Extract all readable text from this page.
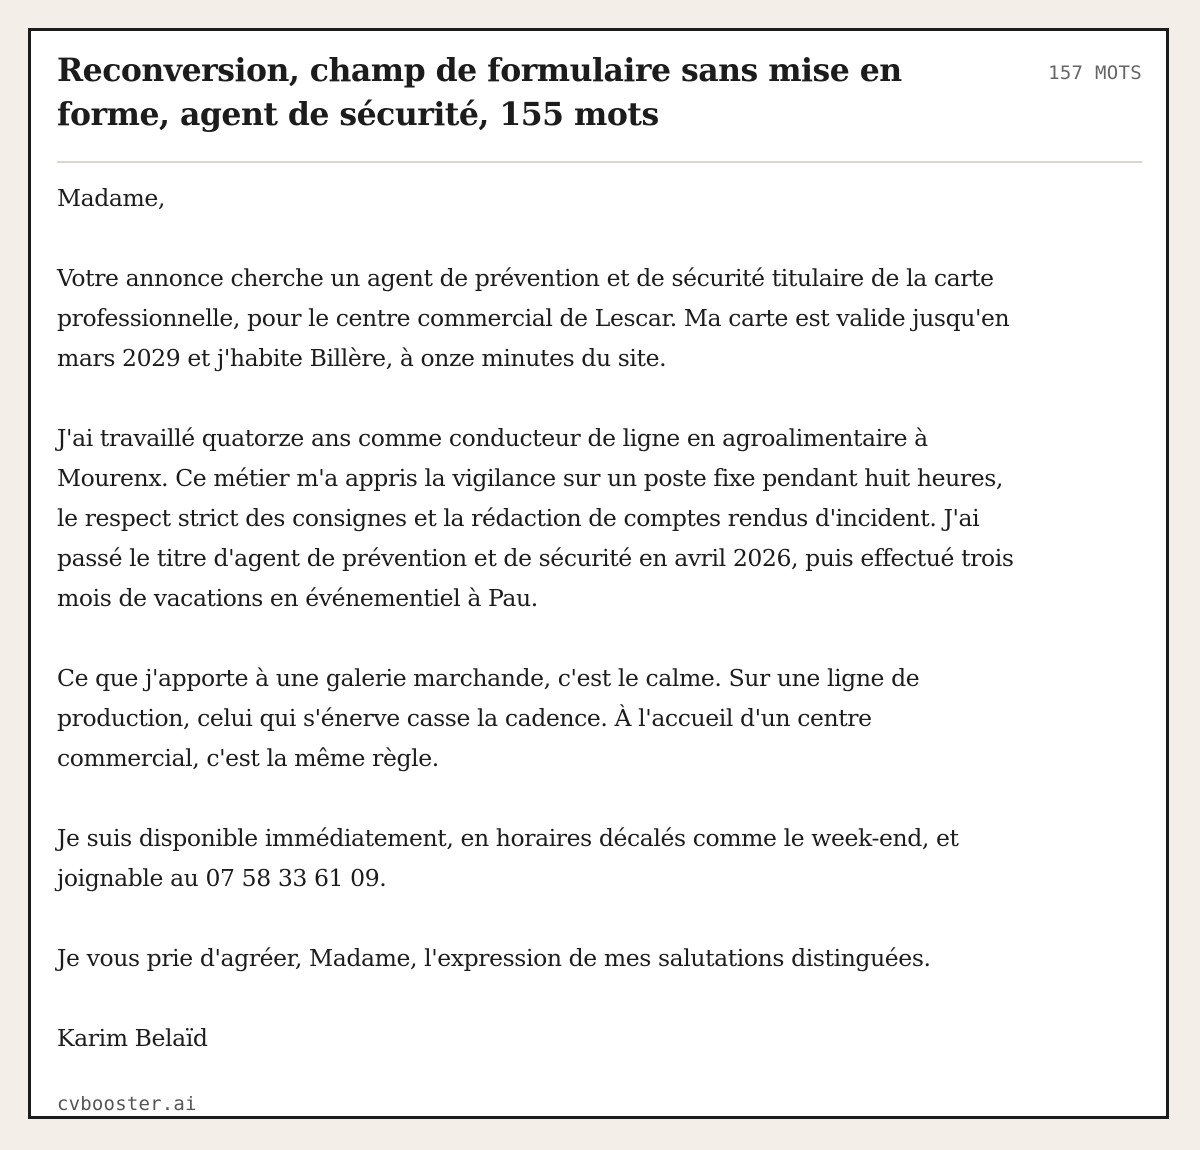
Reconversion, champ de formulaire sans mise en forme, agent de sécurité, 155 mots
157 MOTS

Madame,

Votre annonce cherche un agent de prévention et de sécurité titulaire de la carte professionnelle, pour le centre commercial de Lescar. Ma carte est valide jusqu'en mars 2029 et j'habite Billère, à onze minutes du site.

J'ai travaillé quatorze ans comme conducteur de ligne en agroalimentaire à Mourenx. Ce métier m'a appris la vigilance sur un poste fixe pendant huit heures, le respect strict des consignes et la rédaction de comptes rendus d'incident. J'ai passé le titre d'agent de prévention et de sécurité en avril 2026, puis effectué trois mois de vacations en événementiel à Pau.

Ce que j'apporte à une galerie marchande, c'est le calme. Sur une ligne de production, celui qui s'énerve casse la cadence. À l'accueil d'un centre commercial, c'est la même règle.

Je suis disponible immédiatement, en horaires décalés comme le week-end, et joignable au 07 58 33 61 09.

Je vous prie d'agréer, Madame, l'expression de mes salutations distinguées.

Karim Belaïd

cvbooster.ai
